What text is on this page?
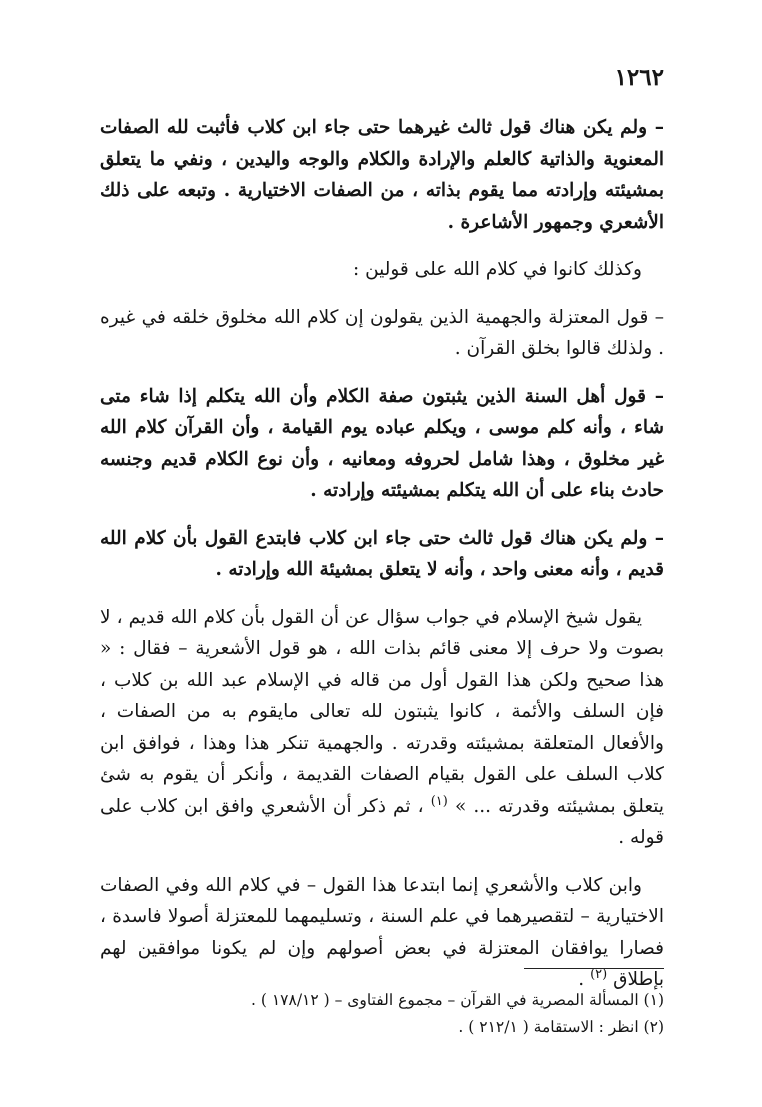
١٢٦٢

– ولم يكن هناك قول ثالث غيرهما حتى جاء ابن كلاب فأثبت لله الصفات المعنوية والذاتية كالعلم والإرادة والكلام والوجه واليدين ، ونفي ما يتعلق بمشيئته وإرادته مما يقوم بذاته ، من الصفات الاختيارية . وتبعه على ذلك الأشعري وجمهور الأشاعرة .

وكذلك كانوا في كلام الله على قولين :

– قول المعتزلة والجهمية الذين يقولون إن كلام الله مخلوق خلقه في غيره . ولذلك قالوا بخلق القرآن .

– قول أهل السنة الذين يثبتون صفة الكلام وأن الله يتكلم إذا شاء متى شاء ، وأنه كلم موسى ، ويكلم عباده يوم القيامة ، وأن القرآن كلام الله غير مخلوق ، وهذا شامل لحروفه ومعانيه ، وأن نوع الكلام قديم وجنسه حادث بناء على أن الله يتكلم بمشيئته وإرادته .

– ولم يكن هناك قول ثالث حتى جاء ابن كلاب فابتدع القول بأن كلام الله قديم ، وأنه معنى واحد ، وأنه لا يتعلق بمشيئة الله وإرادته .

يقول شيخ الإسلام في جواب سؤال عن أن القول بأن كلام الله قديم ، لا بصوت ولا حرف إلا معنى قائم بذات الله ، هو قول الأشعرية – فقال : « هذا صحيح ولكن هذا القول أول من قاله في الإسلام عبد الله بن كلاب ، فإن السلف والأئمة ، كانوا يثبتون لله تعالى مايقوم به من الصفات ، والأفعال المتعلقة بمشيئته وقدرته . والجهمية تنكر هذا وهذا ، فوافق ابن كلاب السلف على القول بقيام الصفات القديمة ، وأنكر أن يقوم به شئ يتعلق بمشيئته وقدرته ... » $^{(١)}$ ، ثم ذكر أن الأشعري وافق ابن كلاب على قوله .

وابن كلاب والأشعري إنما ابتدعا هذا القول – في كلام الله وفي الصفات الاختيارية – لتقصيرهما في علم السنة ، وتسليمهما للمعتزلة أصولا فاسدة ، فصارا يوافقان المعتزلة في بعض أصولهم وإن لم يكونا موافقين لهم بإطلاق $^{(٢)}$ .

(١) المسألة المصرية في القرآن – مجموع الفتاوى – ( ١٧٨/١٢ ) .

(٢) انظر : الاستقامة ( ٢١٢/١ ) .
